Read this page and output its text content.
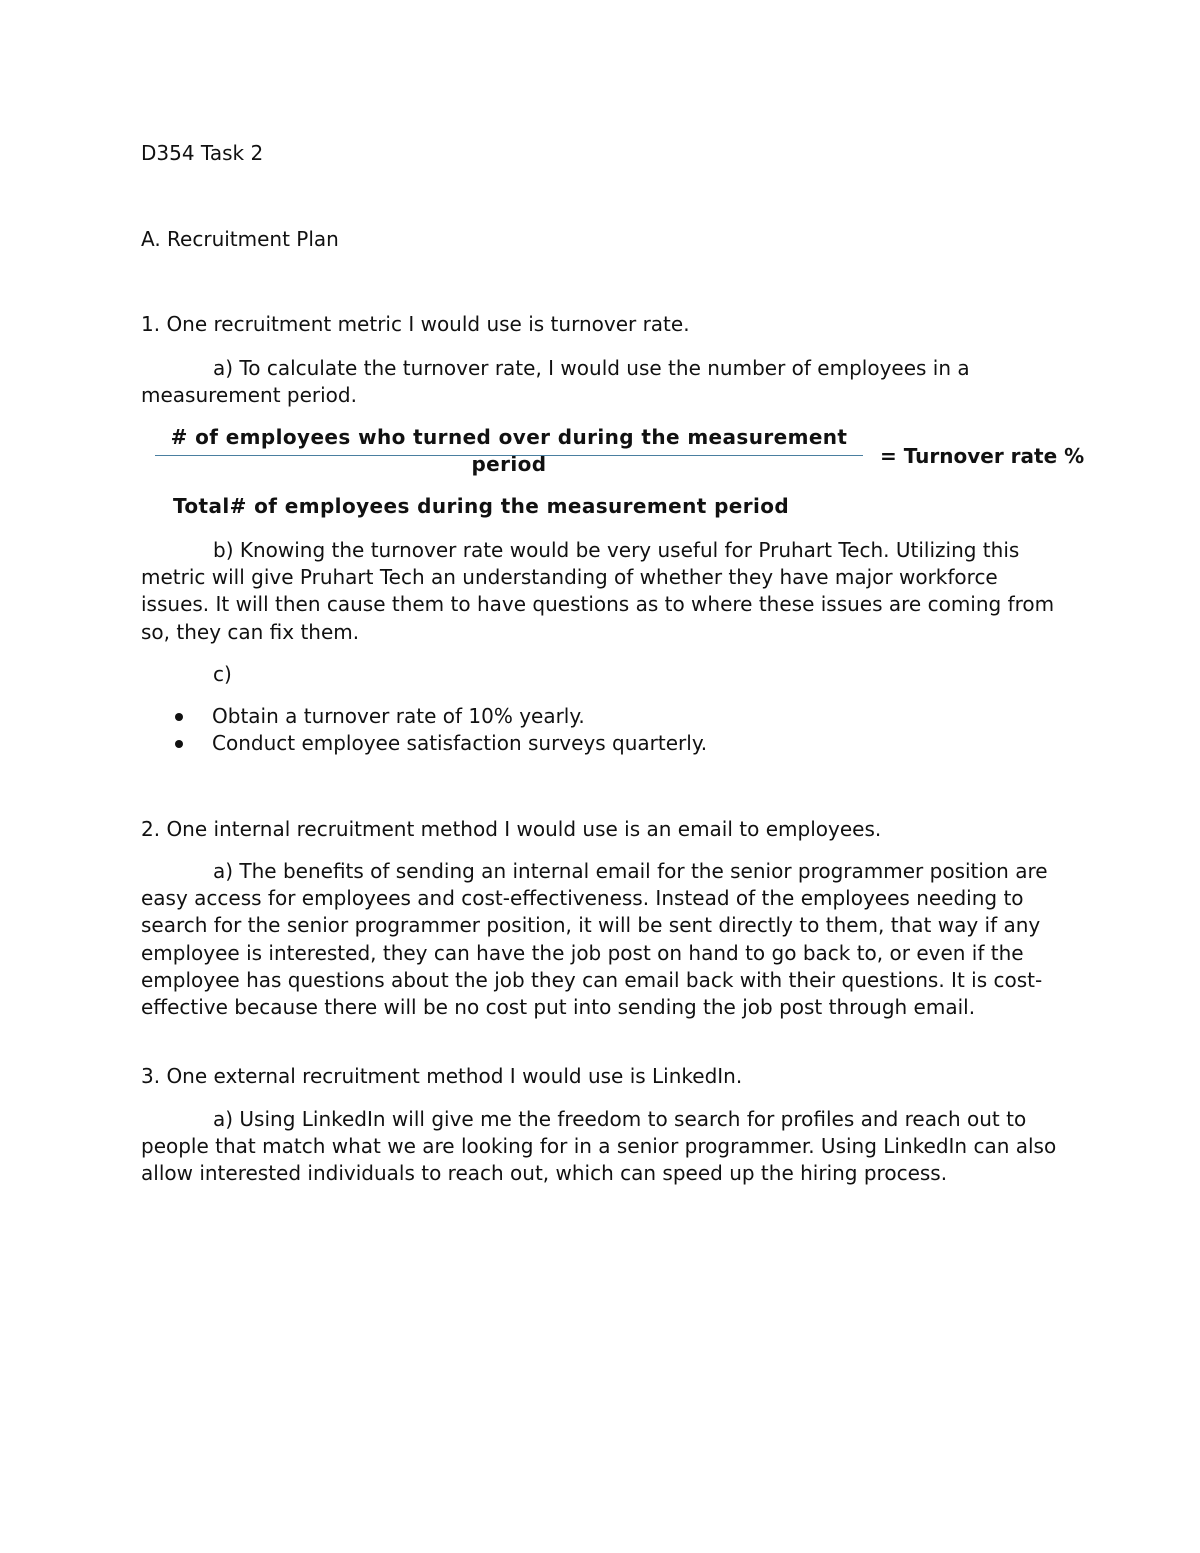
D354 Task 2
A. Recruitment Plan
1. One recruitment metric I would use is turnover rate.

a) To calculate the turnover rate, I would use the number of employees in a measurement period.

# of employees who turned over during the measurement period	= Turnover rate %
Total# of employees during the measurement period

b) Knowing the turnover rate would be very useful for Pruhart Tech. Utilizing this metric will give Pruhart Tech an understanding of whether they have major workforce issues. It will then cause them to have questions as to where these issues are coming from so, they can fix them.

c)
Obtain a turnover rate of 10% yearly.
Conduct employee satisfaction surveys quarterly.
2. One internal recruitment method I would use is an email to employees.

a) The benefits of sending an internal email for the senior programmer position are easy access for employees and cost-effectiveness. Instead of the employees needing to search for the senior programmer position, it will be sent directly to them, that way if any employee is interested, they can have the job post on hand to go back to, or even if the employee has questions about the job they can email back with their questions. It is cost-effective because there will be no cost put into sending the job post through email.

3. One external recruitment method I would use is LinkedIn.

a) Using LinkedIn will give me the freedom to search for profiles and reach out to people that match what we are looking for in a senior programmer. Using LinkedIn can also allow interested individuals to reach out, which can speed up the hiring process.
